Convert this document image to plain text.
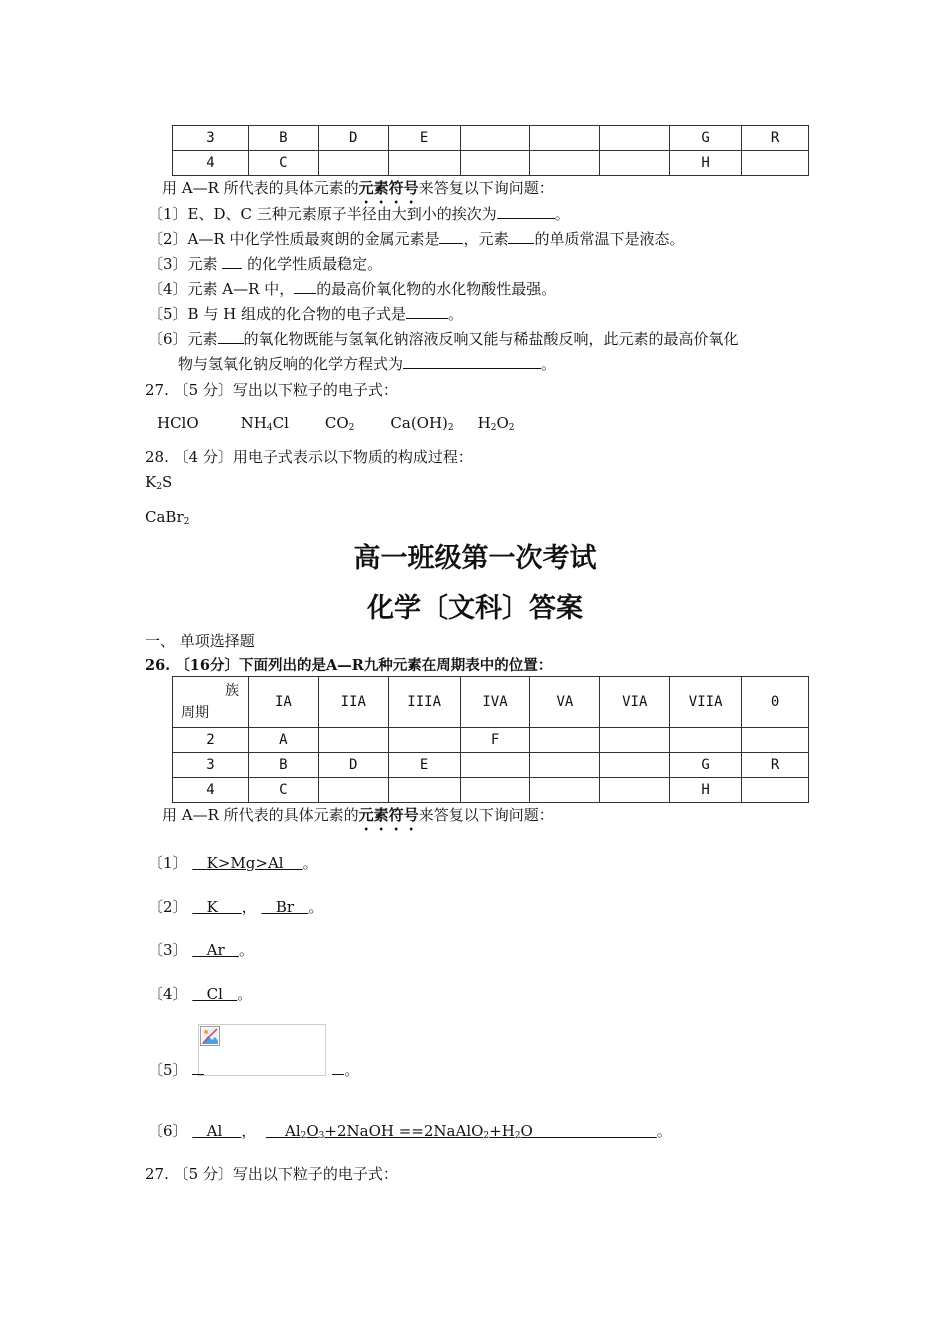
3	B	D	E				G	R
4	C						H	
用 A—R 所代表的具体元素的元素符号来答复以下询问题：
〔1〕E、D、C 三种元素原子半径由大到小的挨次为	。
〔2〕A—R 中化学性质最爽朗的金属元素是 ，元素 的单质常温下是液态。
〔3〕元素 的化学性质最稳定。
〔4〕元素 A—R 中， 的最高价氧化物的水化物酸性最强。
〔5〕B 与 H 组成的化合物的电子式是	。
〔6〕元素 的氧化物既能与氢氧化钠溶液反响又能与稀盐酸反响，此元素的最高价氧化
物与氢氧化钠反响的化学方程式为	。
27. 〔5 分〕写出以下粒子的电子式：
HClO	$NH_4Cl$ $CO_2$ $Ca(OH)_2$ $H_2O_2$
28. 〔4 分〕用电子式表示以下物质的构成过程：
$K_2S$
CaBr$_2$
高一班级第一次考试
化学〔文科〕答案
一、 单项选择题
26. 〔16分〕下面列出的是A—R九种元素在周期表中的位置：
族
周期	IA	IIA	IIIA	IVA	VA	VIA	VIIA	0
2	A			F				
3	B	D	E				G	R
4	C						H	
用 A—R 所代表的具体元素的元素符号来答复以下询问题：
〔1〕 K>Mg>Al 。
〔2〕 K ， Br 。
〔3〕 Ar 。
〔4〕 Cl 。
〔5〕	。
〔6〕 Al ，      $Al_2O_3+2NaOH$ $==2NaAlO_2+H_2O$                          。
27. 〔5 分〕写出以下粒子的电子式：
